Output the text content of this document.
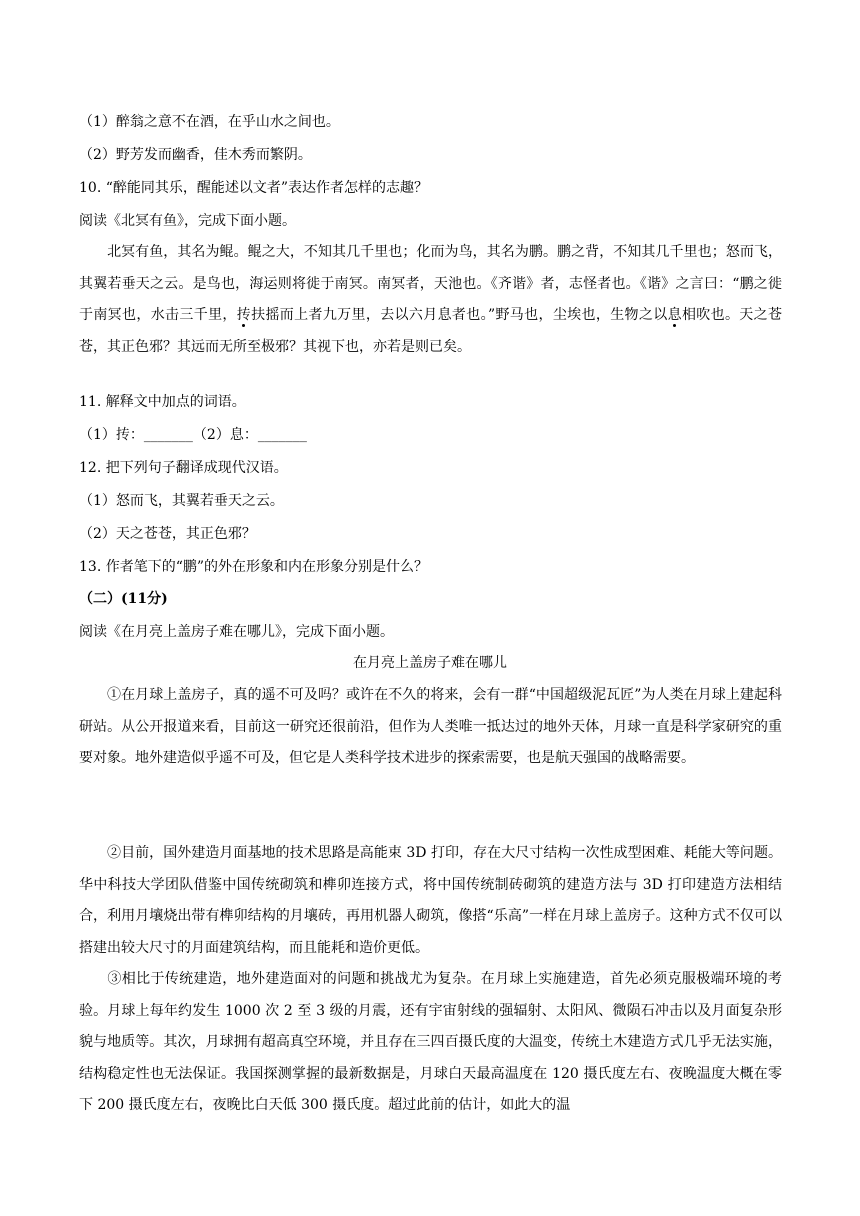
（1）醉翁之意不在酒，在乎山水之间也。
（2）野芳发而幽香，佳木秀而繁阴。
10. “醉能同其乐，醒能述以文者”表达作者怎样的志趣？
阅读《北冥有鱼》，完成下面小题。
北冥有鱼，其名为鲲。鲲之大，不知其几千里也；化而为鸟，其名为鹏。鹏之背，不知其几千里也；怒而飞，其翼若垂天之云。是鸟也，海运则将徙于南冥。南冥者，天池也。《齐谐》者，志怪者也。《谐》之言曰：“鹏之徙于南冥也，水击三千里，抟扶摇而上者九万里，去以六月息者也。”野马也，尘埃也，生物之以息相吹也。天之苍苍，其正色邪？其远而无所至极邪？其视下也，亦若是则已矣。
11. 解释文中加点的词语。
（1）抟：_______（2）息：_______
12. 把下列句子翻译成现代汉语。
（1）怒而飞，其翼若垂天之云。
（2）天之苍苍，其正色邪？
13. 作者笔下的“鹏”的外在形象和内在形象分别是什么？
（二）(11分)
阅读《在月亮上盖房子难在哪儿》，完成下面小题。
在月亮上盖房子难在哪儿
①在月球上盖房子，真的遥不可及吗？或许在不久的将来，会有一群“中国超级泥瓦匠”为人类在月球上建起科研站。从公开报道来看，目前这一研究还很前沿，但作为人类唯一抵达过的地外天体，月球一直是科学家研究的重要对象。地外建造似乎遥不可及，但它是人类科学技术进步的探索需要，也是航天强国的战略需要。
②目前，国外建造月面基地的技术思路是高能束 3D 打印，存在大尺寸结构一次性成型困难、耗能大等问题。华中科技大学团队借鉴中国传统砌筑和榫卯连接方式，将中国传统制砖砌筑的建造方法与 3D 打印建造方法相结合，利用月壤烧出带有榫卯结构的月壤砖，再用机器人砌筑，像搭“乐高”一样在月球上盖房子。这种方式不仅可以搭建出较大尺寸的月面建筑结构，而且能耗和造价更低。
③相比于传统建造，地外建造面对的问题和挑战尤为复杂。在月球上实施建造，首先必须克服极端环境的考验。月球上每年约发生 1000 次 2 至 3 级的月震，还有宇宙射线的强辐射、太阳风、微陨石冲击以及月面复杂形貌与地质等。其次，月球拥有超高真空环境，并且存在三四百摄氏度的大温变，传统土木建造方式几乎无法实施，结构稳定性也无法保证。我国探测掌握的最新数据是，月球白天最高温度在 120 摄氏度左右、夜晚温度大概在零下 200 摄氏度左右，夜晚比白天低 300 摄氏度。超过此前的估计，如此大的温
